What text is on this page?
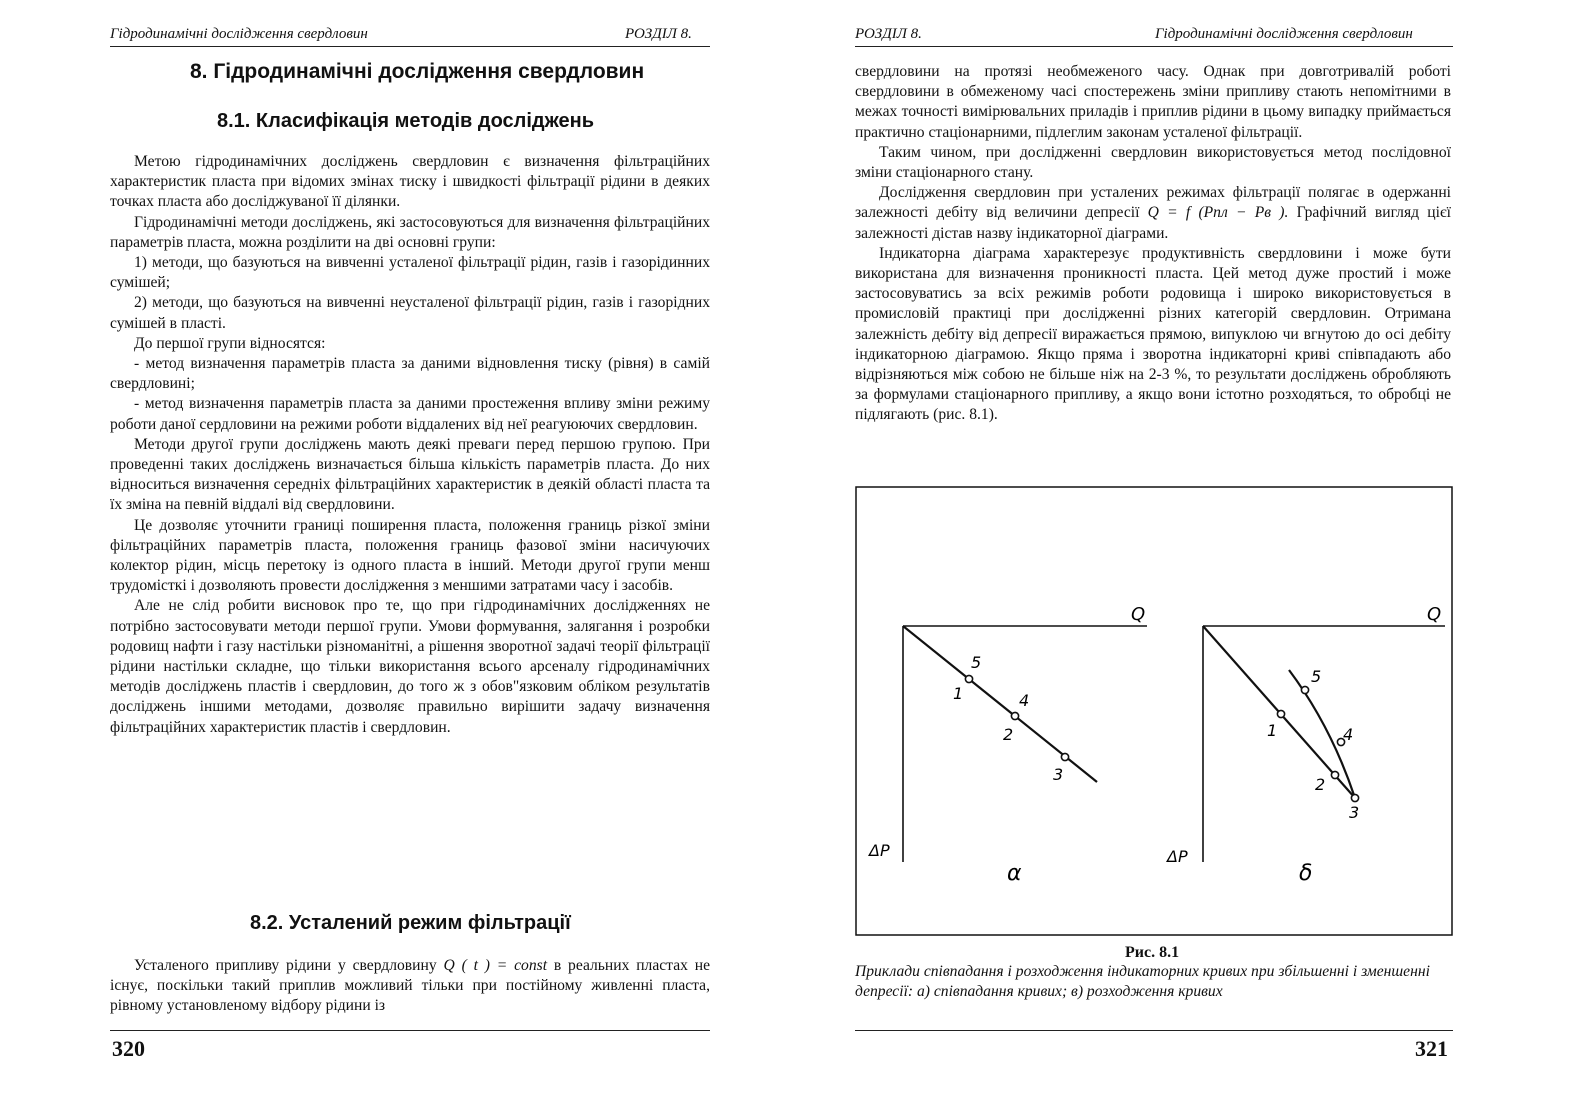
Гідродинамічні дослідження свердловин	РОЗДІЛ 8.
8. Гідродинамічні дослідження свердловин
8.1. Класифікація методів досліджень

Метою гідродинамічних досліджень свердловин є визначення фільтраційних характеристик пласта при відомих змінах тиску і швидкості фільтрації рідини в деяких точках пласта або досліджуваної її ділянки.

Гідродинамічні методи досліджень, які застосовуються для визначення фільтраційних параметрів пласта, можна розділити на дві основні групи:

1) методи, що базуються на вивченні усталеної фільтрації рідин, газів і газорідинних сумішей;

2) методи, що базуються на вивченні неусталеної фільтрації рідин, газів і газорідних сумішей в пласті.

До першої групи відносятся:

- метод визначення параметрів пласта за даними відновлення тиску (рівня) в самій свердловині;

- метод визначення параметрів пласта за даними простеження впливу зміни режиму роботи даної сердловини на режими роботи віддалених від неї реагуюючих свердловин.

Методи другої групи досліджень мають деякі преваги перед першою групою. При проведенні таких досліджень визначається більша кількість параметрів пласта. До них відноситься визначення середніх фільтраційних характеристик в деякій області пласта та їх зміна на певній віддалі від свердловини.

Це дозволяє уточнити границі поширення пласта, положення границь різкої зміни фільтраційних параметрів пласта, положення границь фазової зміни насичуючих колектор рідин, місць перетоку із одного пласта в інший. Методи другої групи менш трудомісткі і дозволяють провести дослідження з меншими затратами часу і засобів.

Але не слід робити висновок про те, що при гідродинамічних дослідженнях не потрібно застосовувати методи першої групи. Умови формування, залягання і розробки родовищ нафти і газу настільки різноманітні, а рішення зворотної задачі теорії фільтрації рідини настільки складне, що тільки використання всього арсеналу гідродинамічних методів досліджень пластів і свердловин, до того ж з обов"язковим обліком результатів досліджень іншими методами, дозволяє правильно вирішити задачу визначення фільтраційних характеристик пластів і свердловин.

8.2. Усталений режим фільтрації

Усталеного припливу рідини у свердловину Q ( t ) = const в реальних пластах не існує, поскільки такий приплив можливий тільки при постійному живленні пласта, рівному установленому відбору рідини із

320
РОЗДІЛ 8.	Гідродинамічні дослідження свердловин

свердловини на протязі необмеженого часу. Однак при довготривалій роботі свердловини в обмеженому часі спостережень зміни припливу стають непомітними в межах точності вимірювальних приладів і приплив рідини в цьому випадку приймається практично стаціонарними, підлеглим законам усталеної фільтрації.

Таким чином, при дослідженні свердловин використовується метод послідовної зміни стаціонарного стану.

Дослідження свердловин при усталених режимах фільтрації полягає в одержанні залежності дебіту від величини депресії Q = f (Pпл − Pв ). Графічний вигляд цієї залежності дістав назву індикаторної діаграми.

Індикаторна діаграма характерезує продуктивність свердловини і може бути використана для визначення проникності пласта. Цей метод дуже простий і може застосовуватись за всіх режимів роботи родовища і широко використовується в промисловій практиці при дослідженні різних категорій свердловин. Отримана залежність дебіту від депресії виражається прямою, випуклою чи вгнутою до осі дебіту індикаторною діаграмою. Якщо пряма і зворотна індикаторні криві співпадають або відрізняються між собою не більше ніж на 2-3 %, то результати досліджень обробляють за формулами стаціонарного припливу, а якщо вони істотно розходяться, то обробці не підлягають (рис. 8.1).

Q
ΔP
1
2
3
4
5
α
Q
ΔP
1
2
3
4
5
δ
Рис. 8.1
Приклади співпадання і розходження індикаторних кривих при збільшенні і зменшенні депресії: а) співпадання кривих; в) розходження кривих
321
